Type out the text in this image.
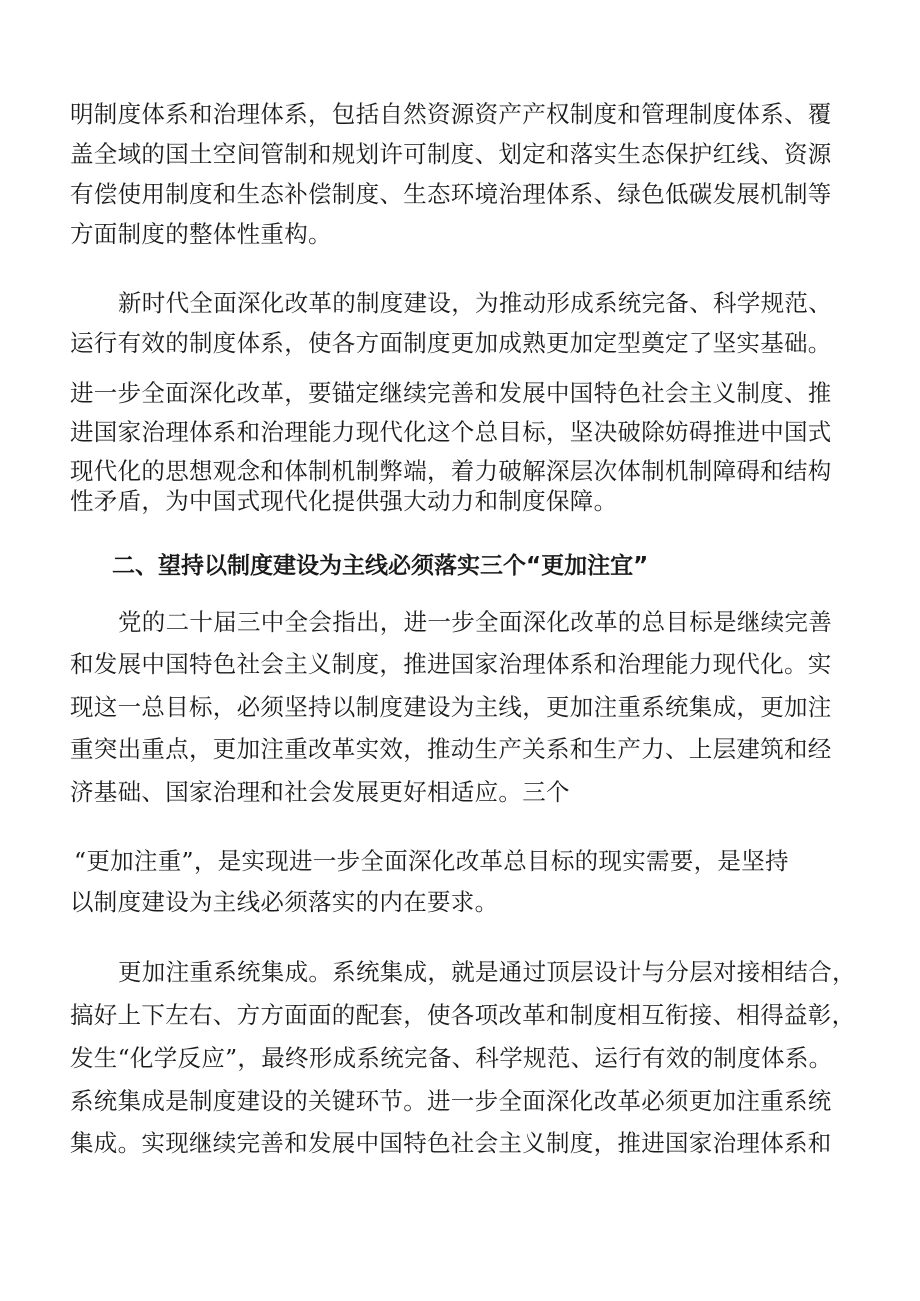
明制度体系和治理体系，包括自然资源资产产权制度和管理制度体系、覆
盖全域的国土空间管制和规划许可制度、划定和落实生态保护红线、资源
有偿使用制度和生态补偿制度、生态环境治理体系、绿色低碳发展机制等
方面制度的整体性重构。
新时代全面深化改革的制度建设，为推动形成系统完备、科学规范、
运行有效的制度体系，使各方面制度更加成熟更加定型奠定了坚实基础。
进一步全面深化改革，要锚定继续完善和发展中国特色社会主义制度、推
进国家治理体系和治理能力现代化这个总目标，坚决破除妨碍推进中国式
现代化的思想观念和体制机制弊端，着力破解深层次体制机制障碍和结构
性矛盾，为中国式现代化提供强大动力和制度保障。
二、望持以制度建设为主线必须落实三个“更加注宜”
党的二十届三中全会指出，进一步全面深化改革的总目标是继续完善
和发展中国特色社会主义制度，推进国家治理体系和治理能力现代化。实
现这一总目标，必须坚持以制度建设为主线，更加注重系统集成，更加注
重突出重点，更加注重改革实效，推动生产关系和生产力、上层建筑和经
济基础、国家治理和社会发展更好相适应。三个
“更加注重”，是实现进一步全面深化改革总目标的现实需要，是坚持
以制度建设为主线必须落实的内在要求。
更加注重系统集成。系统集成，就是通过顶层设计与分层对接相结合，
搞好上下左右、方方面面的配套，使各项改革和制度相互衔接、相得益彰，
发生“化学反应”，最终形成系统完备、科学规范、运行有效的制度体系。
系统集成是制度建设的关键环节。进一步全面深化改革必须更加注重系统
集成。实现继续完善和发展中国特色社会主义制度，推进国家治理体系和
